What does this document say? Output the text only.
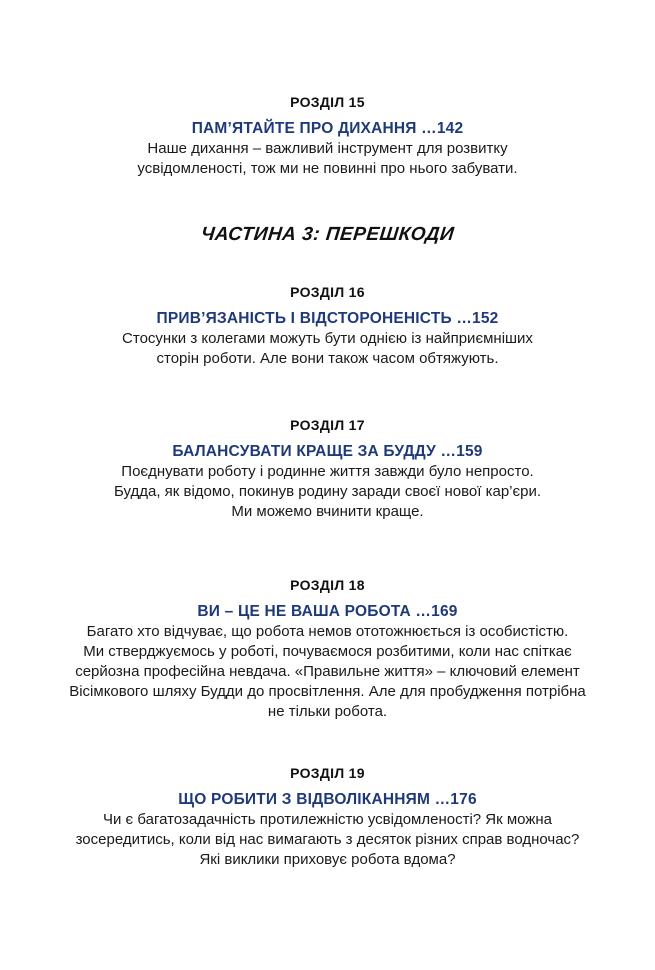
РОЗДІЛ 15
ПАМ’ЯТАЙТЕ ПРО ДИХАННЯ …142
Наше дихання – важливий інструмент для розвитку
усвідомленості, тож ми не повинні про нього забувати.
ЧАСТИНА 3: ПЕРЕШКОДИ
РОЗДІЛ 16
ПРИВ’ЯЗАНІСТЬ І ВІДСТОРОНЕНІСТЬ …152
Стосунки з колегами можуть бути однією із найприємніших
сторін роботи. Але вони також часом обтяжують.
РОЗДІЛ 17
БАЛАНСУВАТИ КРАЩЕ ЗА БУДДУ …159
Поєднувати роботу і родинне життя завжди було непросто.
Будда, як відомо, покинув родину заради своєї нової кар’єри.
Ми можемо вчинити краще.
РОЗДІЛ 18
ВИ – ЦЕ НЕ ВАША РОБОТА …169
Багато хто відчуває, що робота немов ототожнюється із особистістю.
Ми стверджуємось у роботі, почуваємося розбитими, коли нас спіткає
серйозна професійна невдача. «Правильне життя» – ключовий елемент
Вісімкового шляху Будди до просвітлення. Але для пробудження потрібна
не тільки робота.
РОЗДІЛ 19
ЩО РОБИТИ З ВІДВОЛІКАННЯМ …176
Чи є багатозадачність протилежністю усвідомленості? Як можна
зосередитись, коли від нас вимагають з десяток різних справ водночас?
Які виклики приховує робота вдома?
